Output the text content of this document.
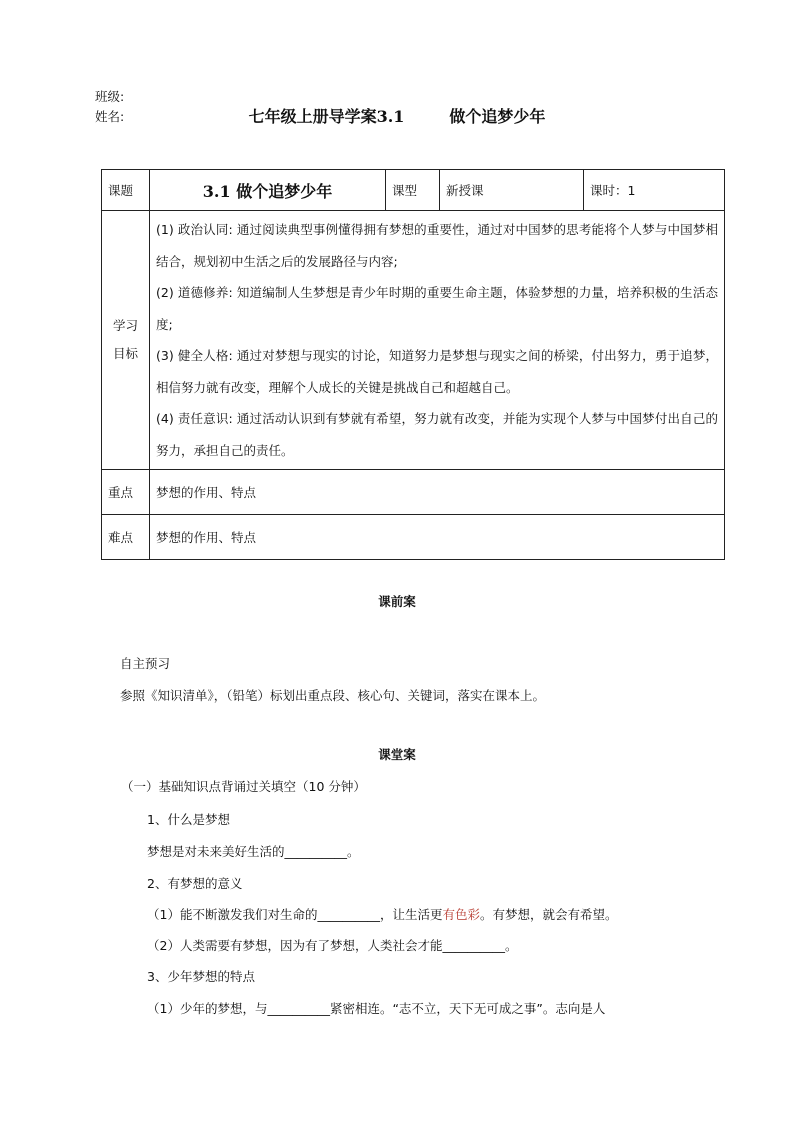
班级:
姓名:	七年级上册导学案3.1	做个追梦少年
课题	3.1 做个追梦少年	课型	新授课	课时：1
学习目标	(1) 政治认同: 通过阅读典型事例懂得拥有梦想的重要性，通过对中国梦的思考能将个人梦与中国梦相结合，规划初中生活之后的发展路径与内容;
(2) 道德修养: 知道编制人生梦想是青少年时期的重要生命主题，体验梦想的力量，培养积极的生活态度;
(3) 健全人格: 通过对梦想与现实的讨论，知道努力是梦想与现实之间的桥梁，付出努力，勇于追梦，相信努力就有改变，理解个人成长的关键是挑战自己和超越自己。
(4) 责任意识: 通过活动认识到有梦就有希望，努力就有改变，并能为实现个人梦与中国梦付出自己的努力，承担自己的责任。			

重点	梦想的作用、特点			
难点	梦想的作用、特点			
课前案
自主预习
参照《知识清单》，（铅笔）标划出重点段、核心句、关键词，落实在课本上。
课堂案
（一）基础知识点背诵过关填空（10 分钟）
1、什么是梦想
梦想是对未来美好生活的__________。
2、有梦想的意义
（1）能不断激发我们对生命的__________，让生活更有色彩。有梦想，就会有希望。
（2）人类需要有梦想，因为有了梦想，人类社会才能__________。
3、少年梦想的特点
（1）少年的梦想，与__________紧密相连。“志不立，天下无可成之事”。志向是人
